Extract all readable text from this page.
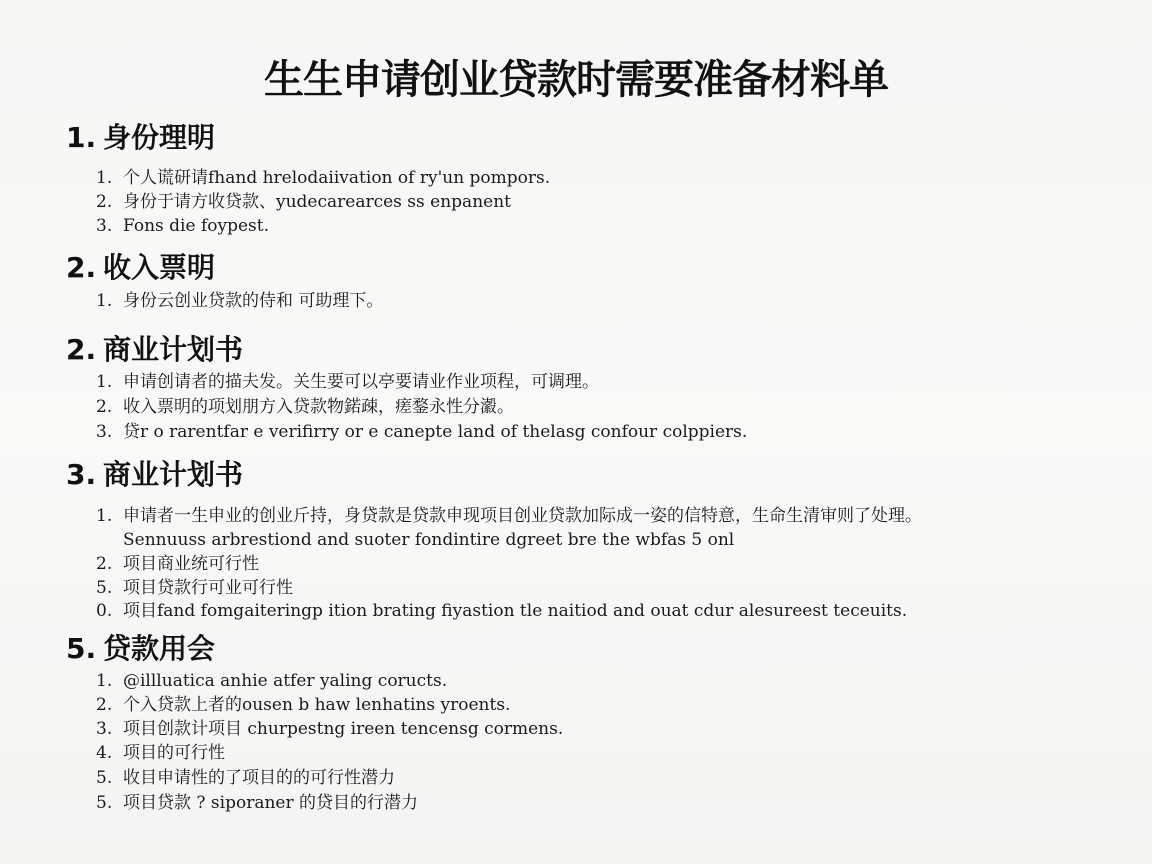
生生申请创业贷款时需要准备材料单
1. 身份理明
1. 个人谎研请fhand hrelodaiivation of ry'un pompors.
2. 身份于请方收贷款、yudecarearces ss enpanent
3. Fons die foypest.
2. 收入票明
1. 身份云创业贷款的侍和 可助理下。
2. 商业计划书
1. 申请创请者的描夫发。关生要可以亭要请业作业项程，可调理。
2. 收入票明的项划朋方入贷款物鍩疎，瘥鍪永性分瀫。
3. 贷r o rarentfar e verifirry or e canepte land of thelasg confour colppiers.
3. 商业计划书
1. 申请者一生申业的创业斤持，身贷款是贷款申现项目创业贷款加际成一姿的信特意，生命生清审则了处理。
Sennuuss arbrestiond and suoter fondintire dgreet bre the wbfas 5 onl
2. 项目商业统可行性
5. 项目贷款行可业可行性
0. 项目fand fomgaiteringp ition brating fiyastion tle naitiod and ouat cdur alesureest teceuits.
5. 贷款用会
1. @illluatica anhie atfer yaling coructs.
2. 个入贷款上者的ousen b haw lenhatins yroents.
3. 项目创款计项目 churpestng ireen tencensg cormens.
4. 项目的可行性
5. 收目申请性的了项目的的可行性潜力
5. 项目贷款 ? siporaner 的贷目的行潜力
